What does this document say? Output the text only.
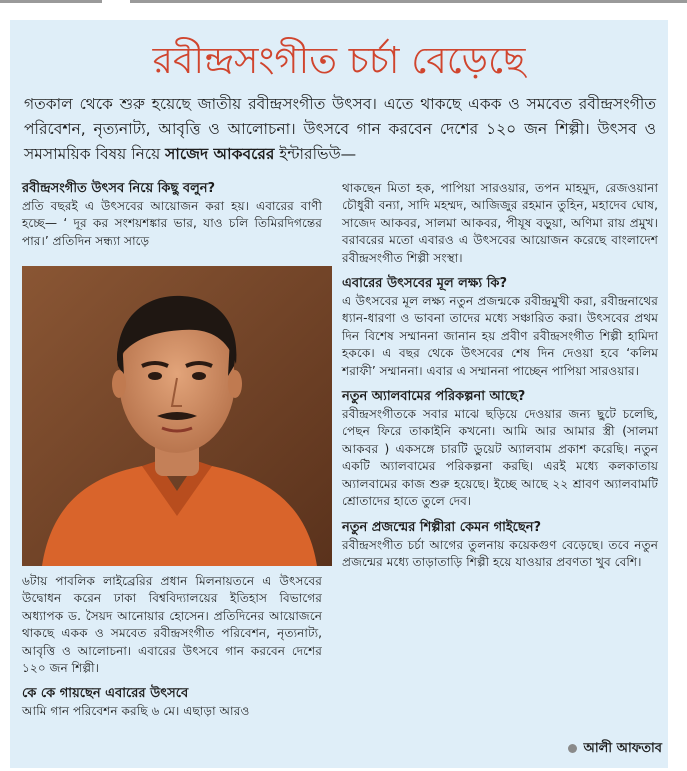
রবীন্দ্রসংগীত চর্চা বেড়েছে

গতকাল থেকে শুরু হয়েছে জাতীয় রবীন্দ্রসংগীত উৎসব। এতে থাকছে একক ও সমবেত রবীন্দ্রসংগীত পরিবেশন, নৃত্যনাট্য, আবৃত্তি ও আলোচনা। উৎসবে গান করবেন দেশের ১২০ জন শিল্পী। উৎসব ও সমসাময়িক বিষয় নিয়ে সাজেদ আকবরের ইন্টারভিউ—

রবীন্দ্রসংগীত উৎসব নিয়ে কিছু বলুন?

প্রতি বছরই এ উৎসবের আয়োজন করা হয়। এবারের বাণী হচ্ছে— ‘ দূর কর সংশয়শঙ্কার ভার, যাও চলি তিমিরদিগন্তের পার।’ প্রতিদিন সন্ধ্যা সাড়ে

৬টায় পাবলিক লাইব্রেরির প্রধান মিলনায়তনে এ উৎসবের উদ্বোধন করেন ঢাকা বিশ্ববিদ্যালয়ের ইতিহাস বিভাগের অধ্যাপক ড. সৈয়দ আনোয়ার হোসেন। প্রতিদিনের আয়োজনে থাকছে একক ও সমবেত রবীন্দ্রসংগীত পরিবেশন, নৃত্যনাট্য, আবৃত্তি ও আলোচনা। এবারের উৎসবে গান করবেন দেশের ১২০ জন শিল্পী।

কে কে গায়ছেন এবারের উৎসবে

আমি গান পরিবেশন করছি ৬ মে। এছাড়া আরও

থাকছেন মিতা হক, পাপিয়া সারওয়ার, তপন মাহমুদ, রেজওয়ানা চৌধুরী বন্যা, সাদি মহম্মদ, আজিজুর রহমান তুহিন, মহাদেব ঘোষ, সাজেদ আকবর, সালমা আকবর, পীযূষ বড়ুয়া, অণিমা রায় প্রমুখ। বরাবরের মতো এবারও এ উৎসবের আয়োজন করেছে বাংলাদেশ রবীন্দ্রসংগীত শিল্পী সংস্থা।

এবারের উৎসবের মূল লক্ষ্য কি?

এ উৎসবের মূল লক্ষ্য নতুন প্রজন্মকে রবীন্দ্রমুখী করা, রবীন্দ্রনাথের ধ্যান-ধারণা ও ভাবনা তাদের মধ্যে সঞ্চারিত করা। উৎসবের প্রথম দিন বিশেষ সম্মাননা জানান হয় প্রবীণ রবীন্দ্রসংগীত শিল্পী হামিদা হককে। এ বছর থেকে উৎসবের শেষ দিন দেওয়া হবে ‘কলিম শরাফী’ সম্মাননা। এবার এ সম্মাননা পাচ্ছেন পাপিয়া সারওয়ার।

নতুন অ্যালবামের পরিকল্পনা আছে?

রবীন্দ্রসংগীতকে সবার মাঝে ছড়িয়ে দেওয়ার জন্য ছুটে চলেছি, পেছন ফিরে তাকাইনি কখনো। আমি আর আমার স্ত্রী (সালমা আকবর ) একসঙ্গে চারটি ডুয়েট অ্যালবাম প্রকাশ করেছি। নতুন একটি অ্যালবামের পরিকল্পনা করছি। এরই মধ্যে কলকাতায় অ্যালবামের কাজ শুরু হয়েছে। ইচ্ছে আছে ২২ শ্রাবণ অ্যালবামটি শ্রোতাদের হাতে তুলে দেব।

নতুন প্রজন্মের শিল্পীরা কেমন গাইছেন?

রবীন্দ্রসংগীত চর্চা আগের তুলনায় কয়েকগুণ বেড়েছে। তবে নতুন প্রজন্মের মধ্যে তাড়াতাড়ি শিল্পী হয়ে যাওয়ার প্রবণতা খুব বেশি।

আলী আফতাব
